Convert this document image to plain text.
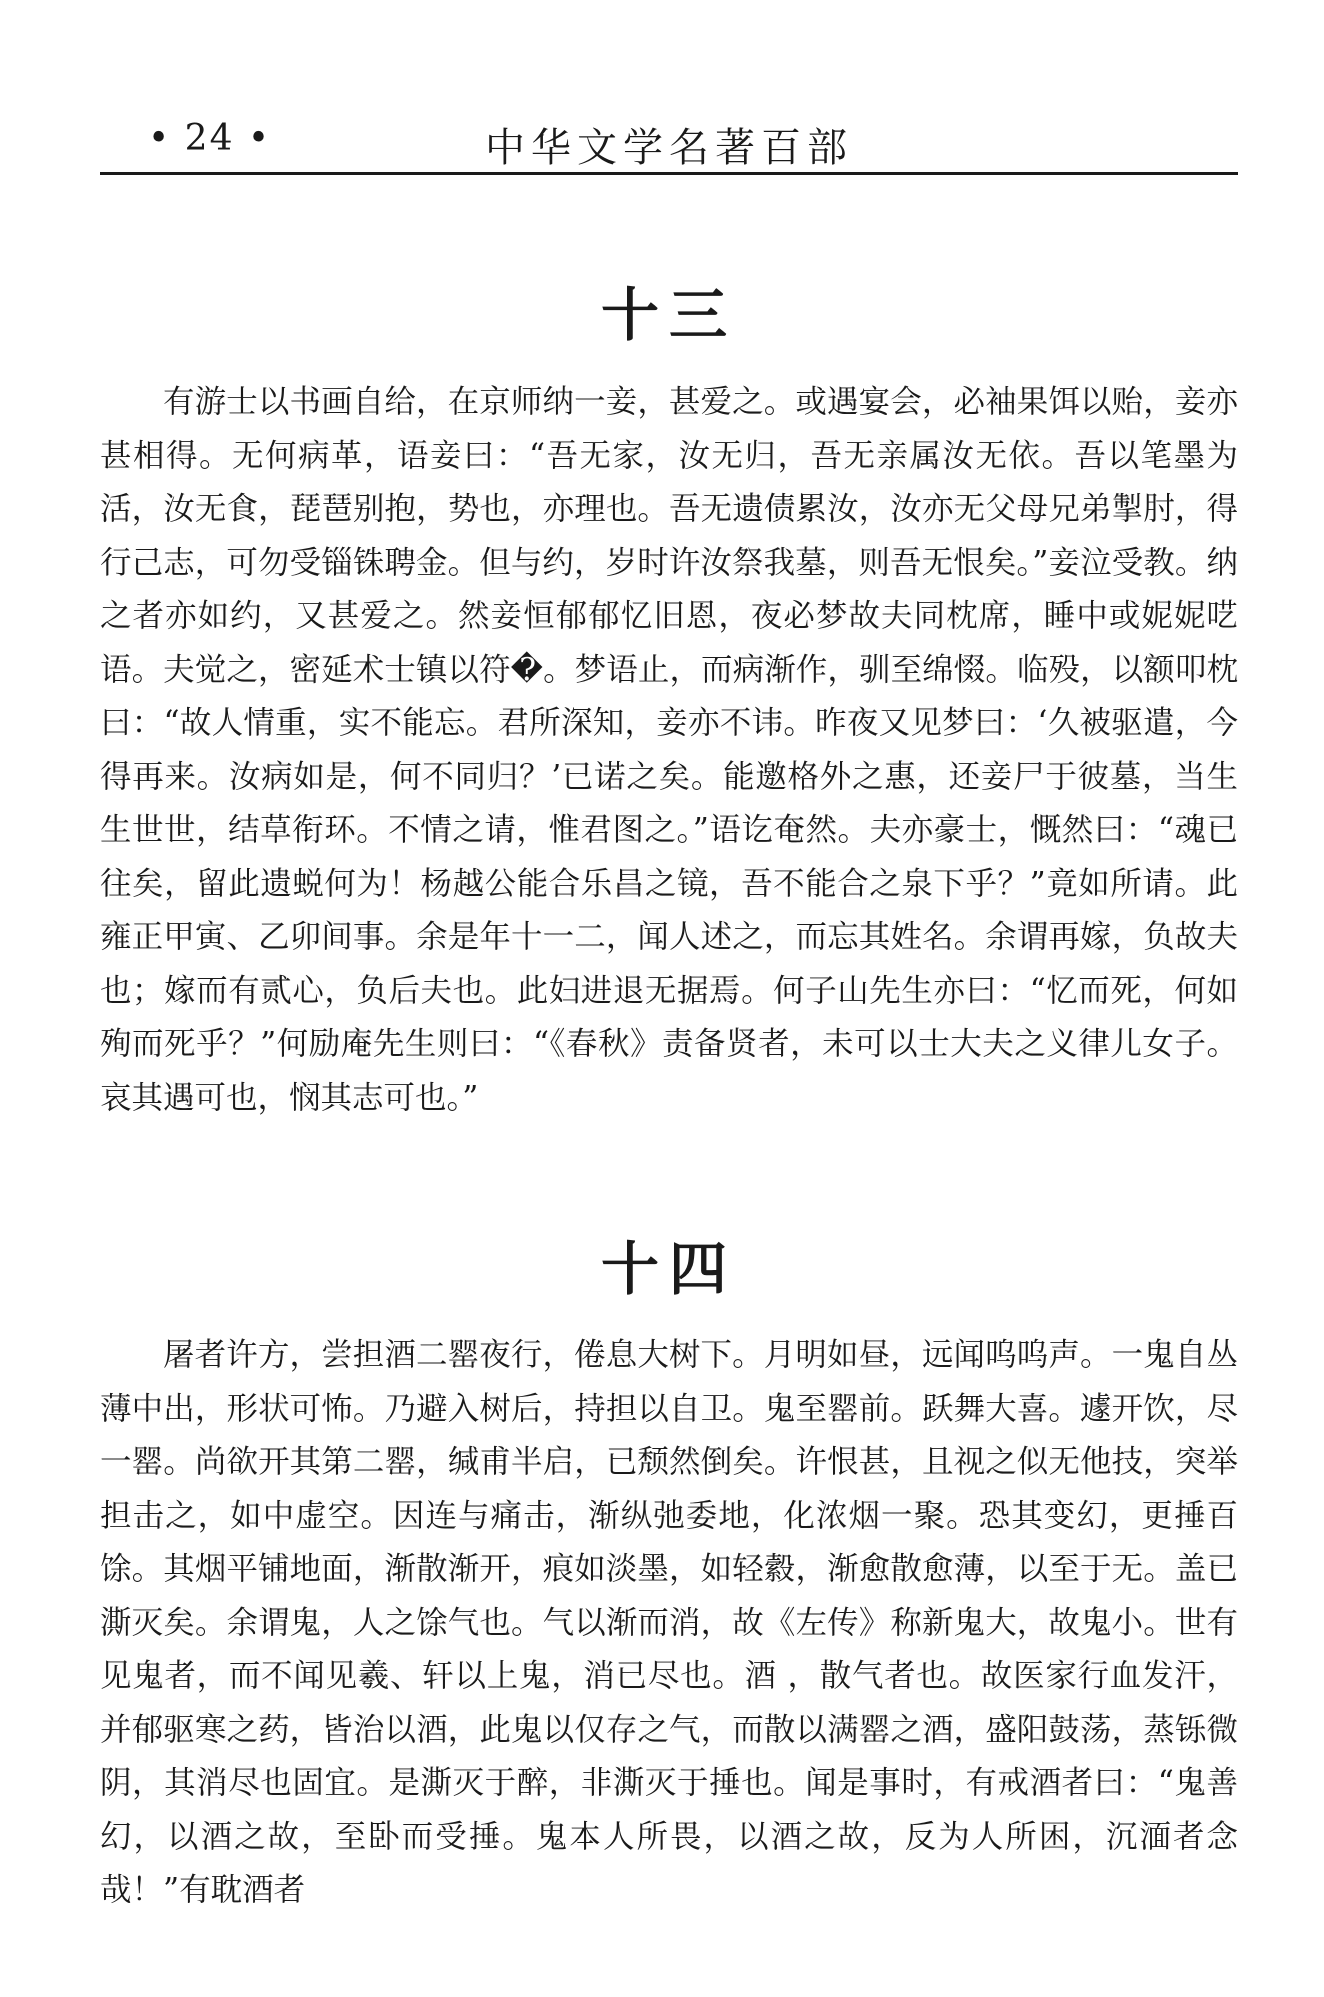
• 24 •	中华文学名著百部
十三

有游士以书画自给，在京师纳一妾，甚爱之。或遇宴会，必袖果饵以贻，妾亦甚相得。无何病革，语妾曰：“吾无家，汝无归，吾无亲属汝无依。吾以笔墨为活，汝无食，琵琶别抱，势也，亦理也。吾无遗债累汝，汝亦无父母兄弟掣肘，得行己志，可勿受锱铢聘金。但与约，岁时许汝祭我墓，则吾无恨矣。”妾泣受教。纳之者亦如约，又甚爱之。然妾恒郁郁忆旧恩，夜必梦故夫同枕席，睡中或妮妮呓语。夫觉之，密延术士镇以符�。梦语止，而病渐作，驯至绵惙。临殁，以额叩枕曰：“故人情重，实不能忘。君所深知，妾亦不讳。昨夜又见梦曰：‘久被驱遣，今得再来。汝病如是，何不同归？’已诺之矣。能邀格外之惠，还妾尸于彼墓，当生生世世，结草衔环。不情之请，惟君图之。”语讫奄然。夫亦豪士，慨然曰：“魂已往矣，留此遗蜕何为！杨越公能合乐昌之镜，吾不能合之泉下乎？”竟如所请。此雍正甲寅、乙卯间事。余是年十一二，闻人述之，而忘其姓名。余谓再嫁，负故夫也；嫁而有贰心，负后夫也。此妇进退无据焉。何子山先生亦曰：“忆而死，何如殉而死乎？”何励庵先生则曰：“《春秋》责备贤者，未可以士大夫之义律儿女子。哀其遇可也，悯其志可也。”

十四

屠者许方，尝担酒二罂夜行，倦息大树下。月明如昼，远闻呜呜声。一鬼自丛薄中出，形状可怖。乃避入树后，持担以自卫。鬼至罂前。跃舞大喜。遽开饮，尽一罂。尚欲开其第二罂，缄甫半启，已颓然倒矣。许恨甚，且视之似无他技，突举担击之，如中虚空。因连与痛击，渐纵弛委地，化浓烟一聚。恐其变幻，更捶百馀。其烟平铺地面，渐散渐开，痕如淡墨，如轻縠，渐愈散愈薄，以至于无。盖已澌灭矣。余谓鬼，人之馀气也。气以渐而消，故《左传》称新鬼大，故鬼小。世有见鬼者，而不闻见羲、轩以上鬼，消已尽也。酒 ，散气者也。故医家行血发汗，并郁驱寒之药，皆治以酒，此鬼以仅存之气，而散以满罂之酒，盛阳鼓荡，蒸铄微阴，其消尽也固宜。是澌灭于醉，非澌灭于捶也。闻是事时，有戒酒者曰：“鬼善幻，以酒之故，至卧而受捶。鬼本人所畏，以酒之故，反为人所困，沉湎者念哉！”有耽酒者
